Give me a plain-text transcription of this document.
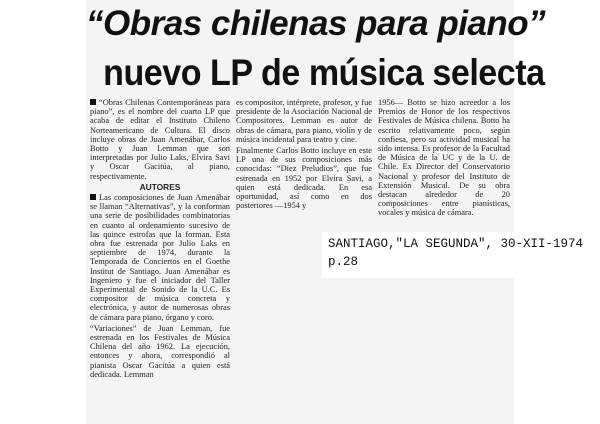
“Obras chilenas para piano”
nuevo LP de música selecta

“Obras Chilenas Contemporáneas para piano”, es el nombre del cuarto LP que acaba de editar el Instituto Chileno Norteamericano de Cultura. El disco incluye obras de Juan Amenábar, Carlos Botto y Juan Lemman que son interpretadas por Julio Laks, Elvira Savi y Oscar Gacitúa, al piano, respectivamente.

AUTORES

Las composiciones de Juan Amenábar se llaman “Alternativas”, y la conforman una serie de posibilidades combinatorias en cuanto al ordenamiento sucesivo de las quince estrofas que la forman. Esta obra fue estrenada por Julio Laks en septiembre de 1974, durante la Temporada de Conciertos en el Goethe Institut de Santiago. Juan Amenábar es Ingeniero y fue el iniciador del Taller Experimental de Sonido de la U.C. Es compositor de música concreta y electrónica, y autor de numerosas obras de cámara para piano, órgano y coro.

“Variaciones” de Juan Lemman, fue estrenada en los Festivales de Música Chilena del año 1962. La ejecución, entonces y ahora, correspondió al pianista Oscar Gacitúa a quien está dedicada. Lemman

es compositor, intérprete, profesor, y fue presidente de la Asociación Nacional de Compositores. Lemman es autor de obras de cámara, para piano, violín y de música incidental para teatro y cine.

Finalmente Carlos Botto incluye en este LP una de sus composiciones más conocidas: “Diez Preludios”, que fue estrenada en 1952 por Elvira Savi, a quien está dedicada. En esa oportunidad, así como en dos posteriores —1954 y

1956— Botto se hizo acreedor a los Premios de Honor de los respectivos Festivales de Música chilena. Botto ha escrito relativamente poco, según confiesa, pero su actividad musical ha sido intensa. Es profesor de la Facultad de Música de la UC y de la U. de Chile. Ex Director del Conservatorio Nacional y profesor del Instituto de Extensión Musical. De su obra destacan alrededor de 20 composiciones entre pianísticas, vocales y música de cámara.

SANTIAGO,"LA SEGUNDA", 30-XII-1974
p.28
